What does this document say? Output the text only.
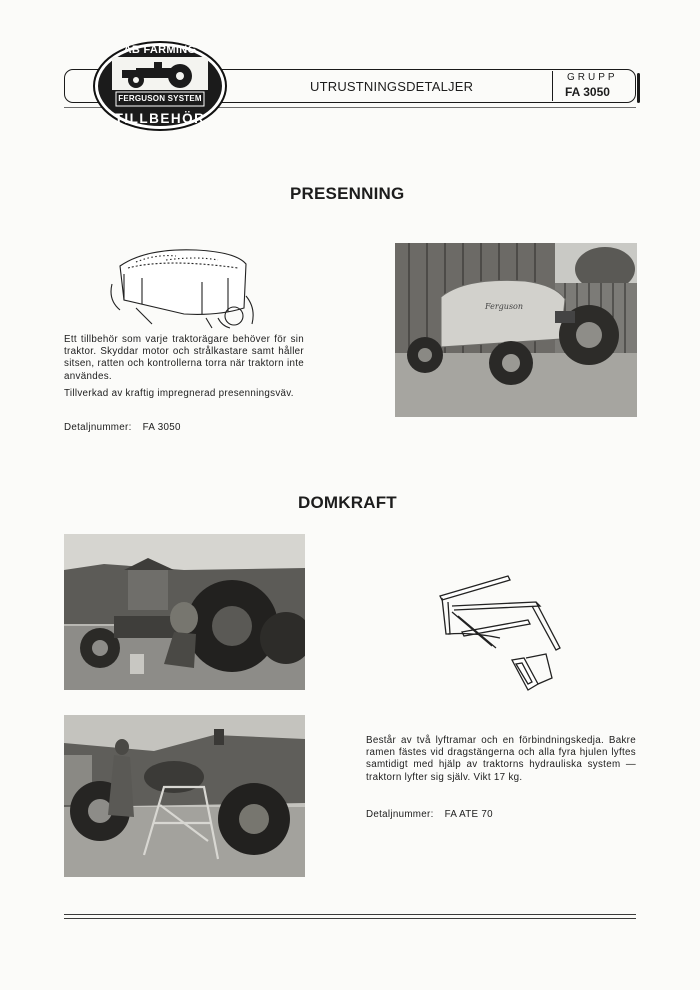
UTRUSTNINGSDETALJER
GRUPP
FA 3050
AB FARMING
FERGUSON SYSTEM
TILLBEHÖR
PRESENNING

Ett tillbehör som varje traktorägare behöver för sin traktor. Skyddar motor och strålkastare samt håller sitsen, ratten och kontrollerna torra när traktorn inte användes.

Tillverkad av kraftig impregnerad presenningsväv.

Detaljnummer: FA 3050
Ferguson
DOMKRAFT

Består av två lyftramar och en förbindningskedja. Bakre ramen fästes vid dragstängerna och alla fyra hjulen lyftes samtidigt med hjälp av traktorns hydrauliska system — traktorn lyfter sig själv. Vikt 17 kg.

Detaljnummer: FA ATE 70
